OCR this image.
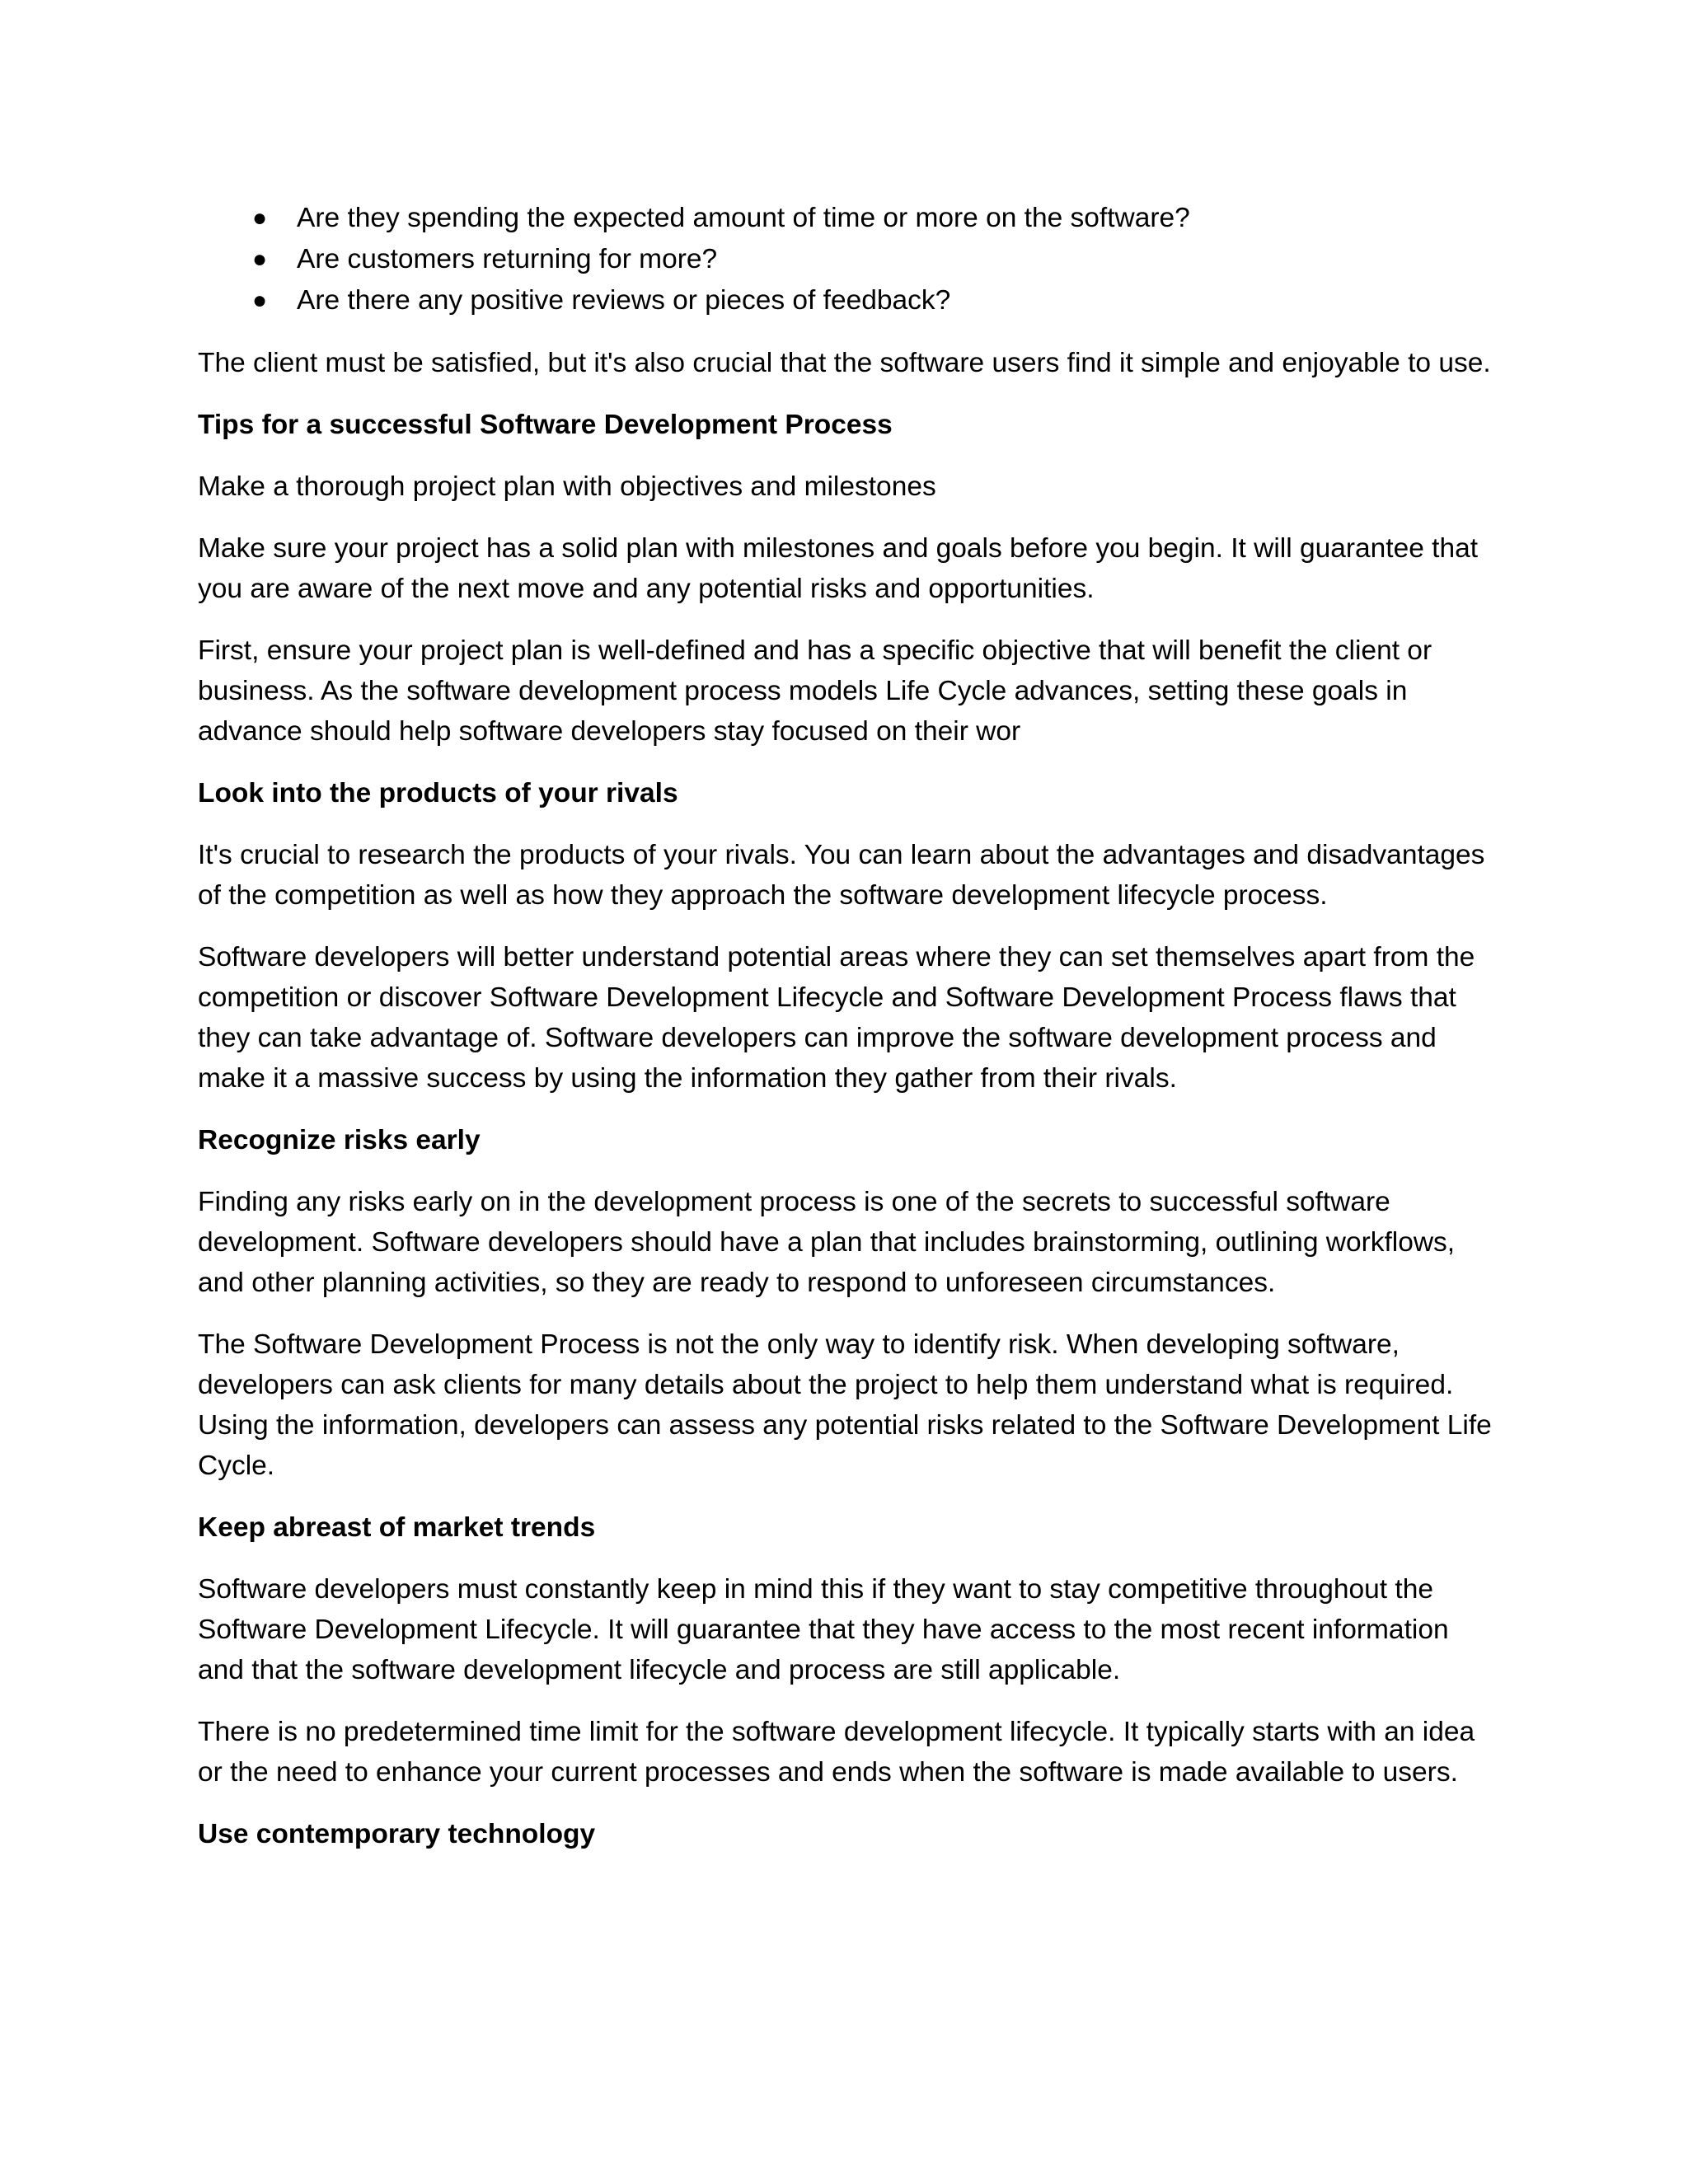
● Are they spending the expected amount of time or more on the software?
● Are customers returning for more?
● Are there any positive reviews or pieces of feedback?

The client must be satisfied, but it's also crucial that the software users find it simple and enjoyable to use.

Tips for a successful Software Development Process

Make a thorough project plan with objectives and milestones

Make sure your project has a solid plan with milestones and goals before you begin. It will guarantee that you are aware of the next move and any potential risks and opportunities.

First, ensure your project plan is well-defined and has a specific objective that will benefit the client or business. As the software development process models Life Cycle advances, setting these goals in advance should help software developers stay focused on their wor

Look into the products of your rivals

It's crucial to research the products of your rivals. You can learn about the advantages and disadvantages of the competition as well as how they approach the software development lifecycle process.

Software developers will better understand potential areas where they can set themselves apart from the competition or discover Software Development Lifecycle and Software Development Process flaws that they can take advantage of. Software developers can improve the software development process and make it a massive success by using the information they gather from their rivals.

Recognize risks early

Finding any risks early on in the development process is one of the secrets to successful software development. Software developers should have a plan that includes brainstorming, outlining workflows, and other planning activities, so they are ready to respond to unforeseen circumstances.

The Software Development Process is not the only way to identify risk. When developing software, developers can ask clients for many details about the project to help them understand what is required. Using the information, developers can assess any potential risks related to the Software Development Life Cycle.

Keep abreast of market trends

Software developers must constantly keep in mind this if they want to stay competitive throughout the Software Development Lifecycle. It will guarantee that they have access to the most recent information and that the software development lifecycle and process are still applicable.

There is no predetermined time limit for the software development lifecycle. It typically starts with an idea or the need to enhance your current processes and ends when the software is made available to users.

Use contemporary technology
